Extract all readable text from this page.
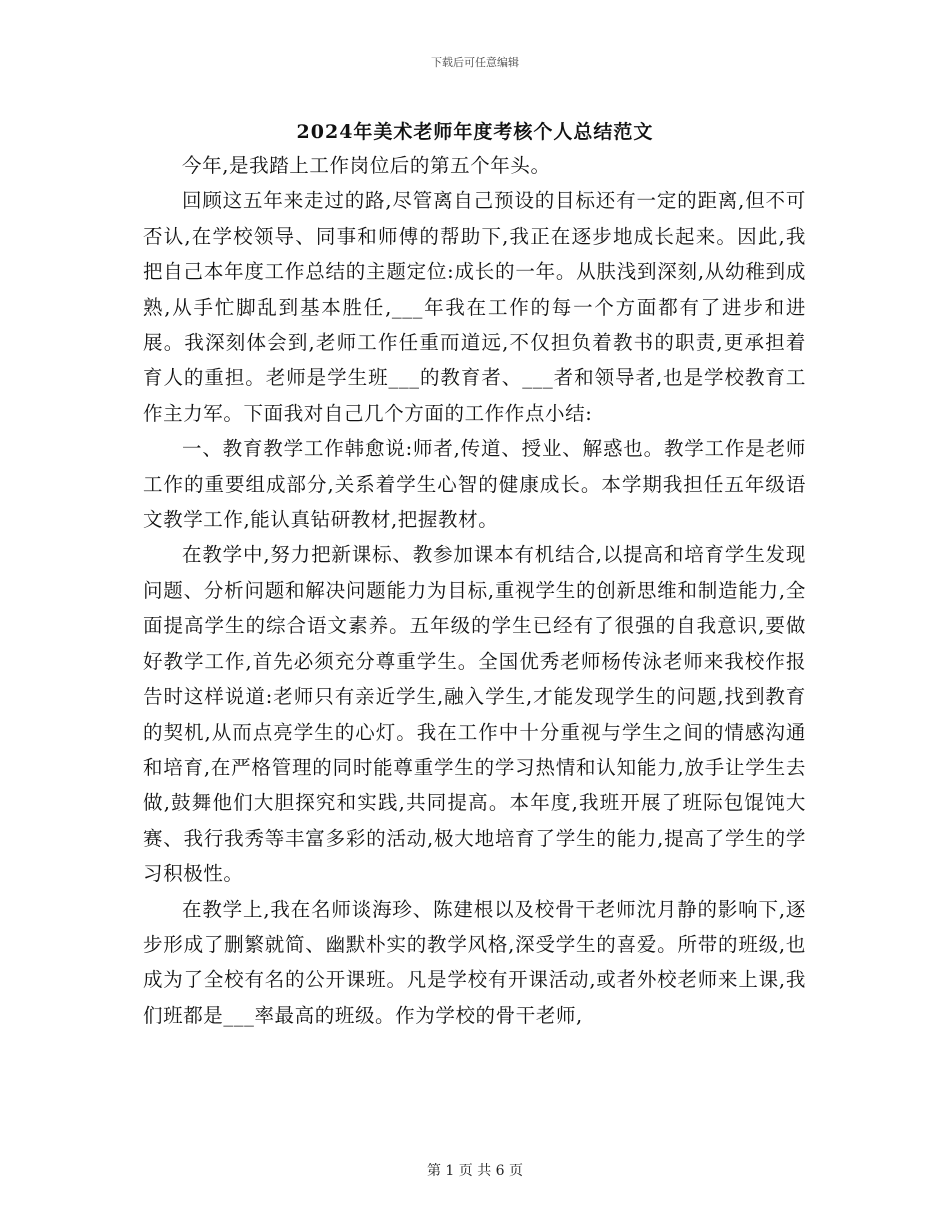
下载后可任意编辑
2024年美术老师年度考核个人总结范文

今年,是我踏上工作岗位后的第五个年头。

回顾这五年来走过的路,尽管离自己预设的目标还有一定的距离,但不可否认,在学校领导、同事和师傅的帮助下,我正在逐步地成长起来。因此,我把自己本年度工作总结的主题定位:成长的一年。从肤浅到深刻,从幼稚到成熟,从手忙脚乱到基本胜任,___年我在工作的每一个方面都有了进步和进展。我深刻体会到,老师工作任重而道远,不仅担负着教书的职责,更承担着育人的重担。老师是学生班___的教育者、___者和领导者,也是学校教育工作主力军。下面我对自己几个方面的工作作点小结:

一、教育教学工作韩愈说:师者,传道、授业、解惑也。教学工作是老师工作的重要组成部分,关系着学生心智的健康成长。本学期我担任五年级语文教学工作,能认真钻研教材,把握教材。

在教学中,努力把新课标、教参加课本有机结合,以提高和培育学生发现问题、分析问题和解决问题能力为目标,重视学生的创新思维和制造能力,全面提高学生的综合语文素养。五年级的学生已经有了很强的自我意识,要做好教学工作,首先必须充分尊重学生。全国优秀老师杨传泳老师来我校作报告时这样说道:老师只有亲近学生,融入学生,才能发现学生的问题,找到教育的契机,从而点亮学生的心灯。我在工作中十分重视与学生之间的情感沟通和培育,在严格管理的同时能尊重学生的学习热情和认知能力,放手让学生去做,鼓舞他们大胆探究和实践,共同提高。本年度,我班开展了班际包馄饨大赛、我行我秀等丰富多彩的活动,极大地培育了学生的能力,提高了学生的学习积极性。

在教学上,我在名师谈海珍、陈建根以及校骨干老师沈月静的影响下,逐步形成了删繁就简、幽默朴实的教学风格,深受学生的喜爱。所带的班级,也成为了全校有名的公开课班。凡是学校有开课活动,或者外校老师来上课,我们班都是___率最高的班级。作为学校的骨干老师,

第 1 页 共 6 页
